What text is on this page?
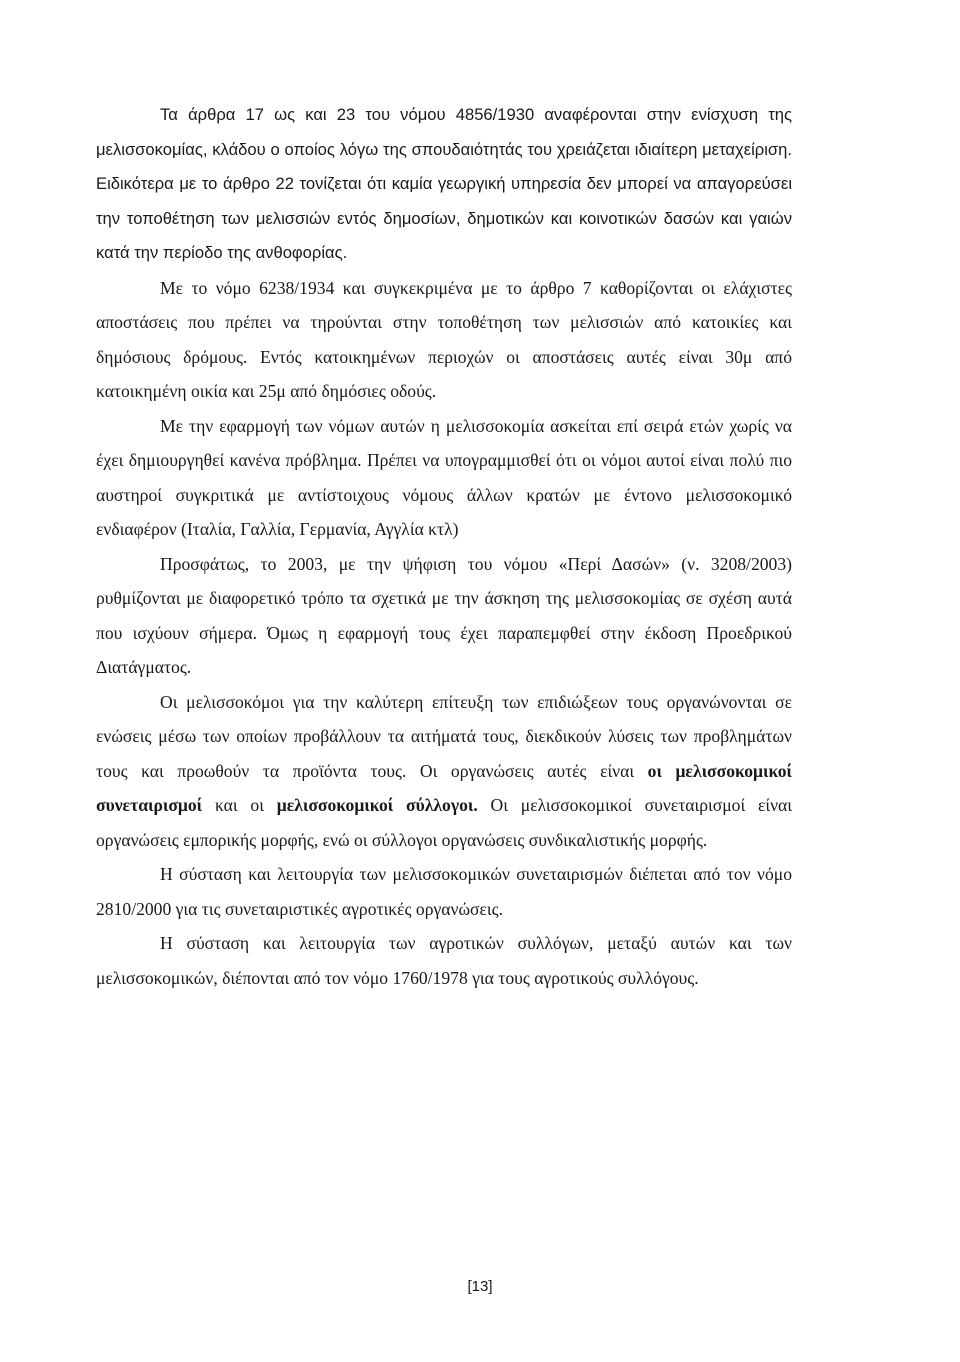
Τα άρθρα 17 ως και 23 του νόμου 4856/1930 αναφέρονται στην ενίσχυση της μελισσοκομίας, κλάδου ο οποίος λόγω της σπουδαιότητάς του χρειάζεται ιδιαίτερη μεταχείριση. Ειδικότερα με το άρθρο 22 τονίζεται ότι καμία γεωργική υπηρεσία δεν μπορεί να απαγορεύσει την τοποθέτηση των μελισσιών εντός δημοσίων, δημοτικών και κοινοτικών δασών και γαιών κατά την περίοδο της ανθοφορίας.

Με το νόμο 6238/1934 και συγκεκριμένα με το άρθρο 7 καθορίζονται οι ελάχιστες αποστάσεις που πρέπει να τηρούνται στην τοποθέτηση των μελισσιών από κατοικίες και δημόσιους δρόμους. Εντός κατοικημένων περιοχών οι αποστάσεις αυτές είναι 30μ από κατοικημένη οικία και 25μ από δημόσιες οδούς.

Με την εφαρμογή των νόμων αυτών η μελισσοκομία ασκείται επί σειρά ετών χωρίς να έχει δημιουργηθεί κανένα πρόβλημα. Πρέπει να υπογραμμισθεί ότι οι νόμοι αυτοί είναι πολύ πιο αυστηροί συγκριτικά με αντίστοιχους νόμους άλλων κρατών με έντονο μελισσοκομικό ενδιαφέρον (Ιταλία, Γαλλία, Γερμανία, Αγγλία κτλ)

Προσφάτως, το 2003, με την ψήφιση του νόμου «Περί Δασών» (ν. 3208/2003) ρυθμίζονται με διαφορετικό τρόπο τα σχετικά με την άσκηση της μελισσοκομίας σε σχέση αυτά που ισχύουν σήμερα. Όμως η εφαρμογή τους έχει παραπεμφθεί στην έκδοση Προεδρικού Διατάγματος.

Οι μελισσοκόμοι για την καλύτερη επίτευξη των επιδιώξεων τους οργανώνονται σε ενώσεις μέσω των οποίων προβάλλουν τα αιτήματά τους, διεκδικούν λύσεις των προβλημάτων τους και προωθούν τα προϊόντα τους. Οι οργανώσεις αυτές είναι οι μελισσοκομικοί συνεταιρισμοί και οι μελισσοκομικοί σύλλογοι. Οι μελισσοκομικοί συνεταιρισμοί είναι οργανώσεις εμπορικής μορφής, ενώ οι σύλλογοι οργανώσεις συνδικαλιστικής μορφής.

Η σύσταση και λειτουργία των μελισσοκομικών συνεταιρισμών διέπεται από τον νόμο 2810/2000 για τις συνεταιριστικές αγροτικές οργανώσεις.

Η σύσταση και λειτουργία των αγροτικών συλλόγων, μεταξύ αυτών και των μελισσοκομικών, διέπονται από τον νόμο 1760/1978 για τους αγροτικούς συλλόγους.

[13]
